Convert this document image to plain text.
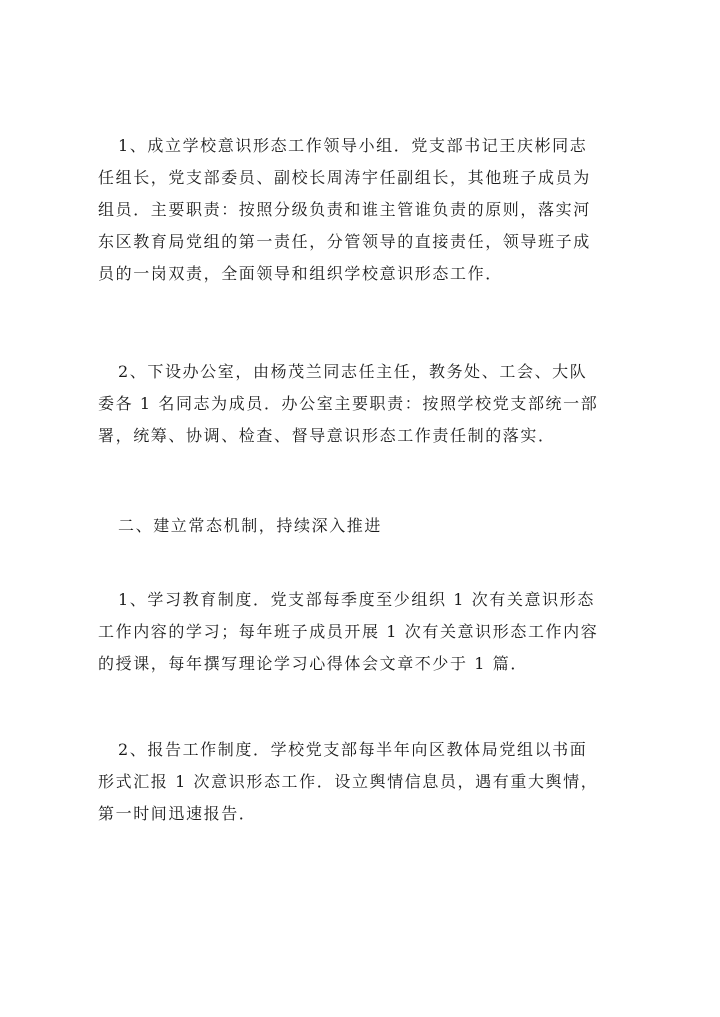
1、成立学校意识形态工作领导小组．党支部书记王庆彬同志
任组长，党支部委员、副校长周涛宇任副组长，其他班子成员为
组员．主要职责：按照分级负责和谁主管谁负责的原则，落实河
东区教育局党组的第一责任，分管领导的直接责任，领导班子成
员的一岗双责，全面领导和组织学校意识形态工作．
2、下设办公室，由杨茂兰同志任主任，教务处、工会、大队
委各 1 名同志为成员．办公室主要职责：按照学校党支部统一部
署，统筹、协调、检查、督导意识形态工作责任制的落实．
二、建立常态机制，持续深入推进
1、学习教育制度．党支部每季度至少组织 1 次有关意识形态
工作内容的学习；每年班子成员开展 1 次有关意识形态工作内容
的授课，每年撰写理论学习心得体会文章不少于 1 篇．
2、报告工作制度．学校党支部每半年向区教体局党组以书面
形式汇报 1 次意识形态工作．设立舆情信息员，遇有重大舆情，
第一时间迅速报告．
